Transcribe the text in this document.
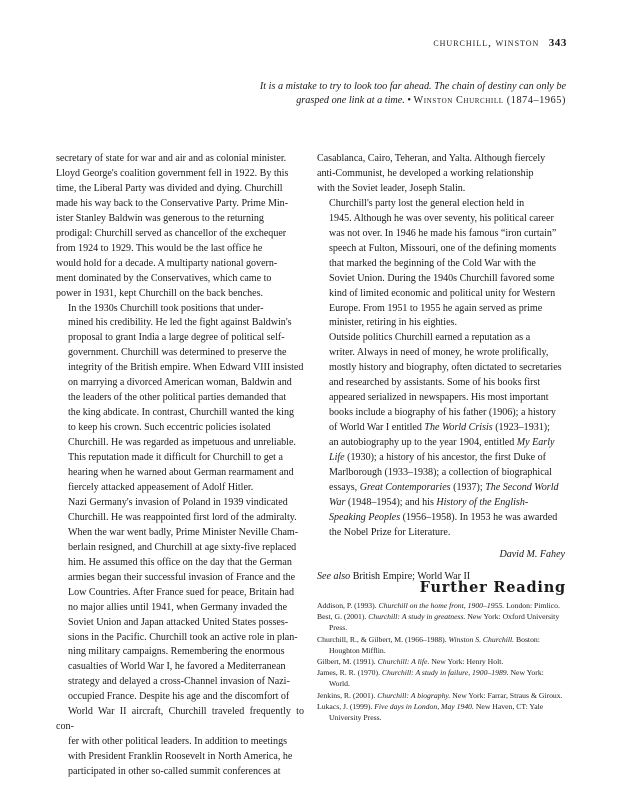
churchill, winston 343
It is a mistake to try to look too far ahead. The chain of destiny can only be
grasped one link at a time. • Winston Churchill (1874–1965)

secretary of state for war and air and as colonial minister.
Lloyd George's coalition government fell in 1922. By this
time, the Liberal Party was divided and dying. Churchill
made his way back to the Conservative Party. Prime Min-
ister Stanley Baldwin was generous to the returning
prodigal: Churchill served as chancellor of the exchequer
from 1924 to 1929. This would be the last office he
would hold for a decade. A multiparty national govern-
ment dominated by the Conservatives, which came to
power in 1931, kept Churchill on the back benches.

In the 1930s Churchill took positions that under-
mined his credibility. He led the fight against Baldwin's
proposal to grant India a large degree of political self-
government. Churchill was determined to preserve the
integrity of the British empire. When Edward VIII insisted
on marrying a divorced American woman, Baldwin and
the leaders of the other political parties demanded that
the king abdicate. In contrast, Churchill wanted the king
to keep his crown. Such eccentric policies isolated
Churchill. He was regarded as impetuous and unreliable.
This reputation made it difficult for Churchill to get a
hearing when he warned about German rearmament and
fiercely attacked appeasement of Adolf Hitler.

Nazi Germany's invasion of Poland in 1939 vindicated
Churchill. He was reappointed first lord of the admiralty.
When the war went badly, Prime Minister Neville Cham-
berlain resigned, and Churchill at age sixty-five replaced
him. He assumed this office on the day that the German
armies began their successful invasion of France and the
Low Countries. After France sued for peace, Britain had
no major allies until 1941, when Germany invaded the
Soviet Union and Japan attacked United States posses-
sions in the Pacific. Churchill took an active role in plan-
ning military campaigns. Remembering the enormous
casualties of World War I, he favored a Mediterranean
strategy and delayed a cross-Channel invasion of Nazi-
occupied France. Despite his age and the discomfort of
World War II aircraft, Churchill traveled frequently to con-
fer with other political leaders. In addition to meetings
with President Franklin Roosevelt in North America, he
participated in other so-called summit conferences at

Casablanca, Cairo, Teheran, and Yalta. Although fiercely
anti-Communist, he developed a working relationship
with the Soviet leader, Joseph Stalin.

Churchill's party lost the general election held in
1945. Although he was over seventy, his political career
was not over. In 1946 he made his famous “iron curtain”
speech at Fulton, Missouri, one of the defining moments
that marked the beginning of the Cold War with the
Soviet Union. During the 1940s Churchill favored some
kind of limited economic and political unity for Western
Europe. From 1951 to 1955 he again served as prime
minister, retiring in his eighties.

Outside politics Churchill earned a reputation as a
writer. Always in need of money, he wrote prolifically,
mostly history and biography, often dictated to secretaries
and researched by assistants. Some of his books first
appeared serialized in newspapers. His most important
books include a biography of his father (1906); a history
of World War I entitled The World Crisis (1923–1931);
an autobiography up to the year 1904, entitled My Early
Life (1930); a history of his ancestor, the first Duke of
Marlborough (1933–1938); a collection of biographical
essays, Great Contemporaries (1937); The Second World
War (1948–1954); and his History of the English-
Speaking Peoples (1956–1958). In 1953 he was awarded
the Nobel Prize for Literature.

David M. Fahey
See also British Empire; World War II
Further Reading

Addison, P. (1993). Churchill on the home front, 1900–1955. London: Pimlico.

Best, G. (2001). Churchill: A study in greatness. New York: Oxford University Press.

Churchill, R., & Gilbert, M. (1966–1988). Winston S. Churchill. Boston: Houghton Mifflin.

Gilbert, M. (1991). Churchill: A life. New York: Henry Holt.

James, R. R. (1970). Churchill: A study in failure, 1900–1989. New York: World.

Jenkins, R. (2001). Churchill: A biography. New York: Farrar, Straus & Giroux.

Lukacs, J. (1999). Five days in London, May 1940. New Haven, CT: Yale University Press.
